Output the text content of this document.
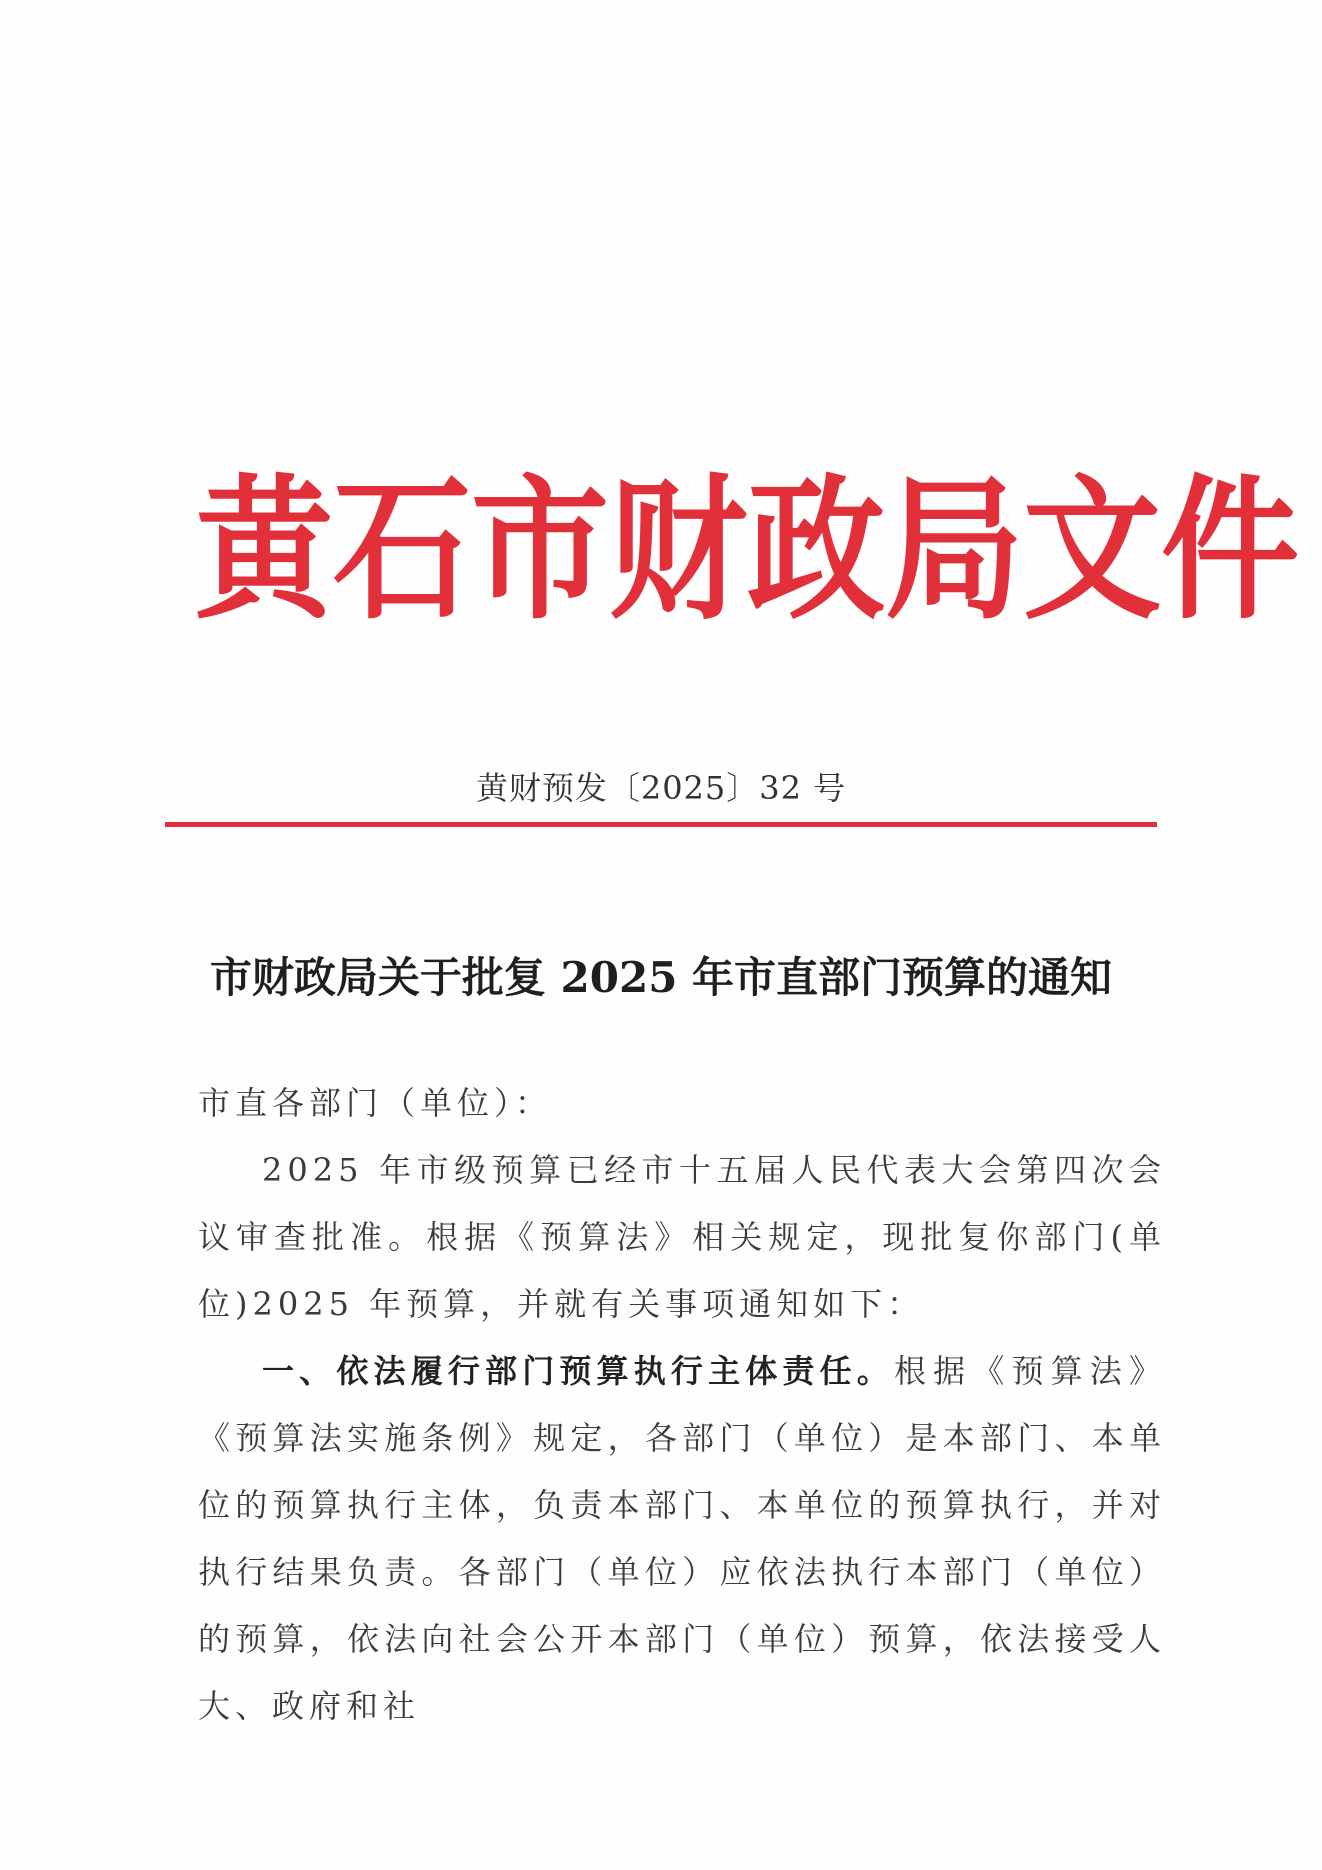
黄 石 市 财 政 局 文 件
黄财预发〔2025〕32 号
市财政局关于批复 2025 年市直部门预算的通知

市直各部门（单位）：

2025 年市级预算已经市十五届人民代表大会第四次会议审查批准。根据《预算法》相关规定，现批复你部门(单位)2025 年预算，并就有关事项通知如下：

一、依法履行部门预算执行主体责任。根据《预算法》《预算法实施条例》规定，各部门（单位）是本部门、本单位的预算执行主体，负责本部门、本单位的预算执行，并对执行结果负责。各部门（单位）应依法执行本部门（单位）的预算，依法向社会公开本部门（单位）预算，依法接受人大、政府和社
